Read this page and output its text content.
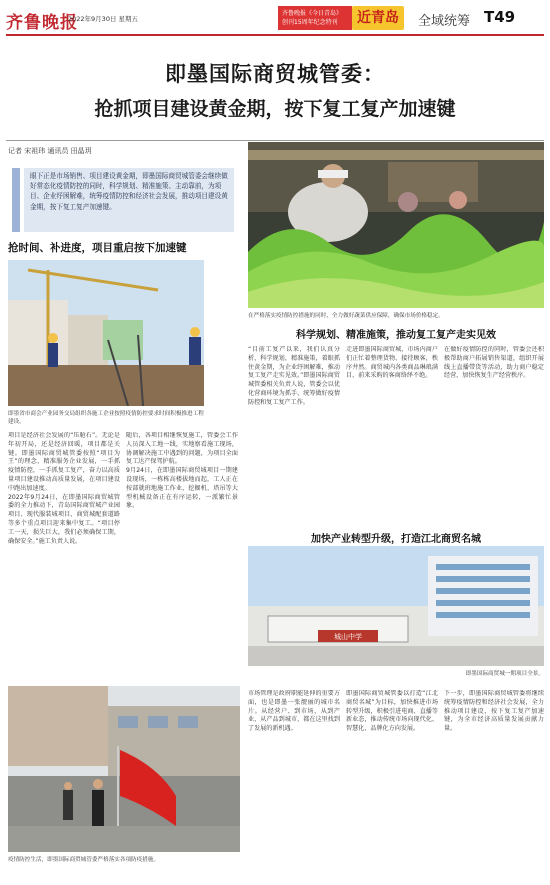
齐鲁晚报
2022年9月30日 星期五
齐鲁晚报《今日青岛》
创刊15周年纪念特刊	近青岛	全域统筹 T49
即墨国际商贸城管委：
抢抓项目建设黄金期，按下复工复产加速键
记者 宋祖玮 通讯员 田晶玥
眼下正是市场销售、项目建设黄金期，即墨国际商贸城管委会继续做好常态化疫情防控的同时，科学规划、精准施策、主动靠前，为项目、企业纾困解难，统筹疫情防控和经济社会发展，推动项目建设黄金期，按下复工复产加速键。
在严格落实疫情防控措施的同时，全力做好蔬菜供应保障，确保市场价格稳定。
抢时间、补进度，项目重启按下加速键
即墨省市商会产业园务交局组织各施工企业按照疫情防控要求时间积极推进工程建设。
项目是经济社会发展的“压舱石”。无论是年初开局，还是经济回暖，项目都是关键。即墨国际商贸城管委按照“项目为王”的理念，精准服务企业发展，一手抓疫情防控，一手抓复工复产，奋力以高质量项目建设推动高质量发展，在项目建设中跑出加速度。
2022年9月24日，在即墨国际商贸城管委的全力推动下，青岛国际商贸城产业园项目、现代服装城项目、商贸城配套道路等多个重点项目迎来集中复工。“项目停工一天，损失巨大，我们必须确保工期，确保安全。”施工负责人说。
随后，各项目相继恢复施工，管委会工作人员深入工地一线，实地察看施工现场，协调解决施工中遇到的问题，为项目全面复工达产保驾护航。
9月24日，在即墨国际商贸城项目一期建设现场，一栋栋高楼拔地而起，工人正在按部就班地施工作业，挖掘机、塔吊等大型机械设备正在有序运转，一派繁忙景象。
科学规划、精准施策，推动复工复产走实见效
“目前工复产以来，我们认真分析，科学规划，精准施策，着眼抓住黄金期，为企业纾困解难，推动复工复产走实见效。”即墨国际商贸城管委相关负责人说，管委会以优化营商环境为抓手，统筹做好疫情防控和复工复产工作。
走进即墨国际商贸城，市场内商户们正忙着整理货物、接待顾客，秩序井然。商贸城内各类商品琳琅满目，前来采购的客商络绎不绝。
在做好疫情防控的同时，管委会还积极帮助商户拓展销售渠道，组织开展线上直播带货等活动，助力商户稳定经营，加快恢复生产经营秩序。
加快产业转型升级，打造江北商贸名城
城山中学
即墨国际商贸城一期项目全景。
市场管理是政府职能延伸的重要方面，也是即墨一张靓丽的城市名片。从经营户、到市场，从到产业，从产品到城市，都在这里找到了发展的新机遇。
即墨国际商贸城管委以打造“江北商贸名城”为目标，加快推进市场转型升级，积极引进电商、直播等新业态，推动传统市场向现代化、智慧化、品牌化方向发展。
下一步，即墨国际商贸城管委将继续统筹疫情防控和经济社会发展，全力推动项目建设，按下复工复产加速键，为全市经济高质量发展贡献力量。
疫情防控生活，即墨国际商贸城管委严格落实各项防疫措施。
